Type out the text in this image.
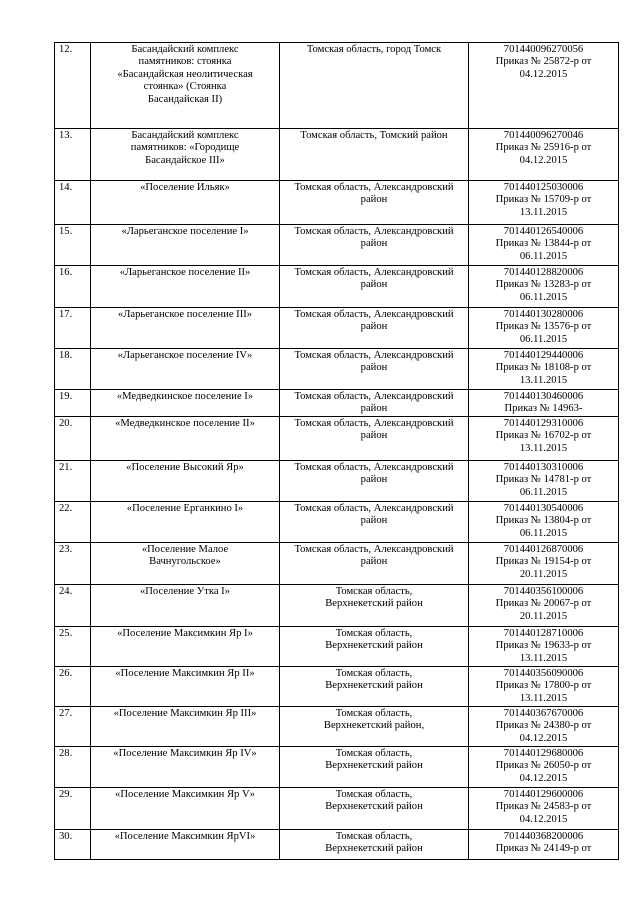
12.	Басандайский комплекс
памятников: стоянка
«Басандайская неолитическая
стоянка» (Стоянка
Басандайская II)	Томская область, город Томск	701440096270056
Приказ № 25872-р от
04.12.2015

13.	Басандайский комплекс
памятников: «Городище
Басандайское III»	Томская область, Томский район	701440096270046
Приказ № 25916-р от
04.12.2015

14.	«Поселение Ильяк»	Томская область, Александровский
район	701440125030006
Приказ № 15709-р от
13.11.2015

15.	«Ларьеганское поселение I»	Томская область, Александровский
район	701440126540006
Приказ № 13844-р от
06.11.2015

16.	«Ларьеганское поселение II»	Томская область, Александровский
район	701440128820006
Приказ № 13283-р от
06.11.2015

17.	«Ларьеганское поселение III»	Томская область, Александровский
район	701440130280006
Приказ № 13576-р от
06.11.2015

18.	«Ларьеганское поселение IV»	Томская область, Александровский
район	701440129440006
Приказ № 18108-р от
13.11.2015

19.	«Медведкинское поселение I»	Томская область, Александровский
район	701440130460006
Приказ № 14963-

20.	«Медведкинское поселение II»	Томская область, Александровский
район	701440129310006
Приказ № 16702-р от
13.11.2015

21.	«Поселение Высокий Яр»	Томская область, Александровский
район	701440130310006
Приказ № 14781-р от
06.11.2015

22.	«Поселение Ерганкино I»	Томская область, Александровский
район	701440130540006
Приказ № 13804-р от
06.11.2015

23.	«Поселение Малое
Вачнугольское»	Томская область, Александровский
район	701440126870006
Приказ № 19154-р от
20.11.2015

24.	«Поселение Утка I»	Томская область,
Верхнекетский район	701440356100006
Приказ № 20067-р от
20.11.2015

25.	«Поселение Максимкин Яр I»	Томская область,
Верхнекетский район	701440128710006
Приказ № 19633-р от
13.11.2015

26.	«Поселение Максимкин Яр II»	Томская область,
Верхнекетский район	701440356090006
Приказ № 17800-р от
13.11.2015

27.	«Поселение Максимкин Яр III»	Томская область,
Верхнекетский район,	701440367670006
Приказ № 24380-р от
04.12.2015

28.	«Поселение Максимкин Яр IV»	Томская область,
Верхнекетский район	701440129680006
Приказ № 26050-р от
04.12.2015

29.	«Поселение Максимкин Яр V»	Томская область,
Верхнекетский район	701440129600006
Приказ № 24583-р от
04.12.2015

30.	«Поселение Максимкин ЯрVI»	Томская область,
Верхнекетский район	701440368200006
Приказ № 24149-р от
